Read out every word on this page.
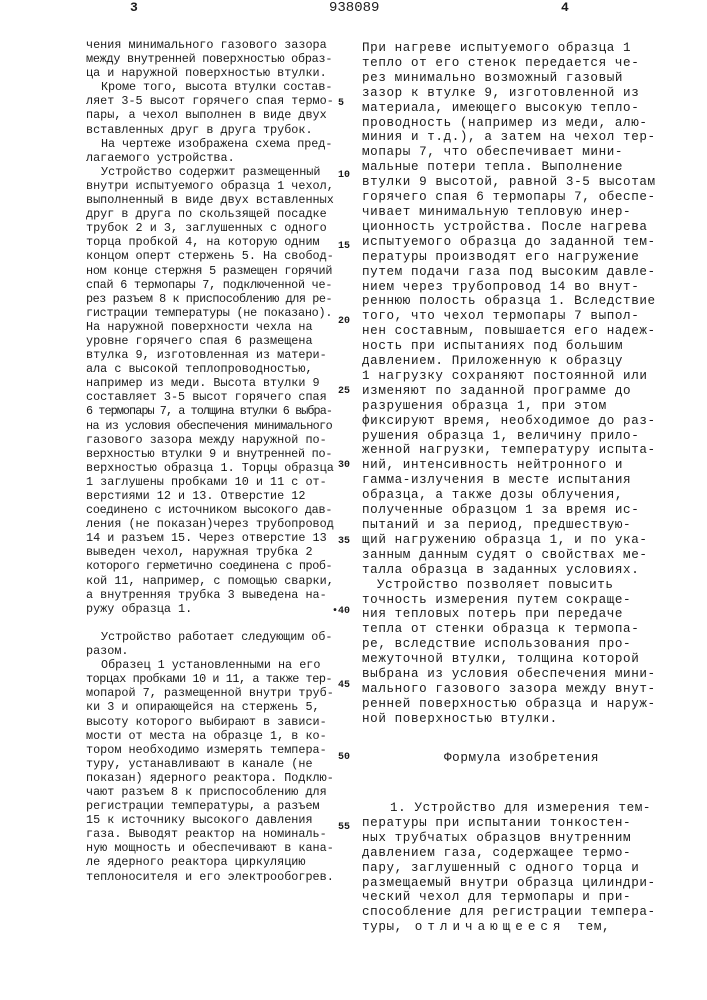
3	938089	4
5
10
15
20
25
30
35
•40
45
50
55
чения минимального газового зазора
между внутренней поверхностью образ-
ца и наружной поверхностью втулки.
Кроме того, высота втулки состав-
ляет 3-5 высот горячего спая термо-
пары, а чехол выполнен в виде двух
вставленных друг в друга трубок.
На чертеже изображена схема пред-
лагаемого устройства.
Устройство содержит размещенный
внутри испытуемого образца 1 чехол,
выполненный в виде двух вставленных
друг в друга по скользящей посадке
трубок 2 и 3, заглушенных с одного
торца пробкой 4, на которую одним
концом оперт стержень 5. На свобод-
ном конце стержня 5 размещен горячий
спай 6 термопары 7, подключенной че-
рез разъем 8 к приспособлению для ре-
гистрации температуры (не показано).
На наружной поверхности чехла на
уровне горячего спая 6 размещена
втулка 9, изготовленная из матери-
ала с высокой теплопроводностью,
например из меди. Высота втулки 9
составляет 3-5 высот горячего спая
6 термопары 7, а толщина втулки 6 выбра-
на из условия обеспечения минимального
газового зазора между наружной по-
верхностью втулки 9 и внутренней по-
верхностью образца 1. Торцы образца
1 заглушены пробками 10 и 11 с от-
верстиями 12 и 13. Отверстие 12
соединено с источником высокого дав-
ления (не показан)через трубопровод
14 и разъем 15. Через отверстие 13
выведен чехол, наружная трубка 2
которого герметично соединена с проб-
кой 11, например, с помощью сварки,
а внутренняя трубка 3 выведена на-
ружу образца 1.
Устройство работает следующим об-
разом.
Образец 1 установленными на его
торцах пробками 10 и 11, а также тер-
мопарой 7, размещенной внутри труб-
ки 3 и опирающейся на стержень 5,
высоту которого выбирают в зависи-
мости от места на образце 1, в ко-
тором необходимо измерять темпера-
туру, устанавливают в канале (не
показан) ядерного реактора. Подклю-
чают разъем 8 к приспособлению для
регистрации температуры, а разъем
15 к источнику высокого давления
газа. Выводят реактор на номиналь-
ную мощность и обеспечивают в кана-
ле ядерного реактора циркуляцию
теплоносителя и его электрообогрев.
При нагреве испытуемого образца 1
тепло от его стенок передается че-
рез минимально возможный газовый
зазор к втулке 9, изготовленной из
материала, имеющего высокую тепло-
проводность (например из меди, алю-
миния и т.д.), а затем на чехол тер-
мопары 7, что обеспечивает мини-
мальные потери тепла. Выполнение
втулки 9 высотой, равной 3-5 высотам
горячего спая 6 термопары 7, обеспе-
чивает минимальную тепловую инер-
ционность устройства. После нагрева
испытуемого образца до заданной тем-
пературы производят его нагружение
путем подачи газа под высоким давле-
нием через трубопровод 14 во внут-
реннюю полость образца 1. Вследствие
того, что чехол термопары 7 выпол-
нен составным, повышается его надеж-
ность при испытаниях под большим
давлением. Приложенную к образцу
1 нагрузку сохраняют постоянной или
изменяют по заданной программе до
разрушения образца 1, при этом
фиксируют время, необходимое до раз-
рушения образца 1, величину прило-
женной нагрузки, температуру испыта-
ний, интенсивность нейтронного и
гамма-излучения в месте испытания
образца, а также дозы облучения,
полученные образцом 1 за время ис-
пытаний и за период, предшествую-
щий нагружению образца 1, и по ука-
занным данным судят о свойствах ме-
талла образца в заданных условиях.
Устройство позволяет повысить
точность измерения путем сокраще-
ния тепловых потерь при передаче
тепла от стенки образца к термопа-
ре, вследствие использования про-
межуточной втулки, толщина которой
выбрана из условия обеспечения мини-
мального газового зазора между внут-
ренней поверхностью образца и наруж-
ной поверхностью втулки.
Формула изобретения
1. Устройство для измерения тем-
пературы при испытании тонкостен-
ных трубчатых образцов внутренним
давлением газа, содержащее термо-
пару, заглушенный с одного торца и
размещаемый внутри образца цилиндри-
ческий чехол для термопары и при-
способление для регистрации темпера-
туры, отличающееся тем,
